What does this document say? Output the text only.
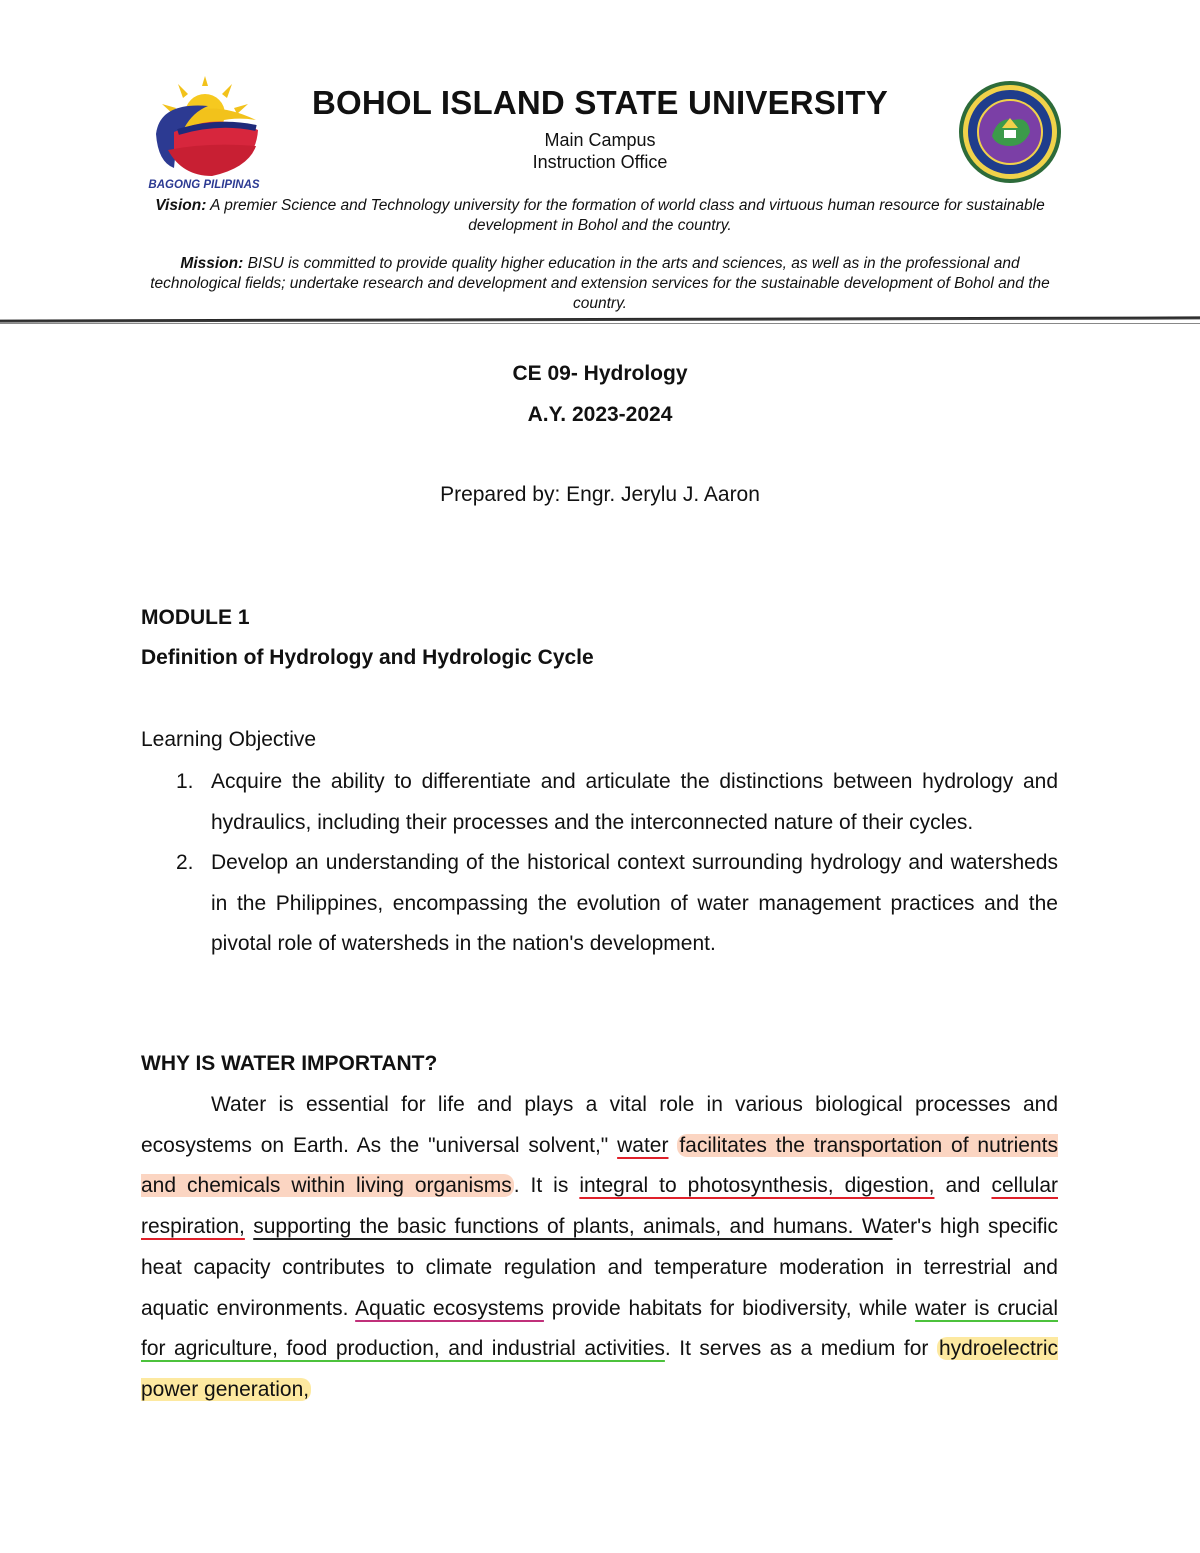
BAGONG PILIPINAS
BOHOL ISLAND STATE UNIVERSITY
Main Campus
Instruction Office
Vision: A premier Science and Technology university for the formation of world class and virtuous human resource for sustainable development in Bohol and the country.
Mission: BISU is committed to provide quality higher education in the arts and sciences, as well as in the professional and technological fields; undertake research and development and extension services for the sustainable development of Bohol and the country.
CE 09- Hydrology
A.Y. 2023-2024
Prepared by: Engr. Jerylu J. Aaron
MODULE 1
Definition of Hydrology and Hydrologic Cycle
Learning Objective
1. Acquire the ability to differentiate and articulate the distinctions between hydrology and hydraulics, including their processes and the interconnected nature of their cycles.
2. Develop an understanding of the historical context surrounding hydrology and watersheds in the Philippines, encompassing the evolution of water management practices and the pivotal role of watersheds in the nation's development.
WHY IS WATER IMPORTANT?
Water is essential for life and plays a vital role in various biological processes and ecosystems on Earth. As the "universal solvent," water facilitates the transportation of nutrients and chemicals within living organisms. It is integral to photosynthesis, digestion, and cellular respiration, supporting the basic functions of plants, animals, and humans. Water's high specific heat capacity contributes to climate regulation and temperature moderation in terrestrial and aquatic environments. Aquatic ecosystems provide habitats for biodiversity, while water is crucial for agriculture, food production, and industrial activities. It serves as a medium for hydroelectric power generation,
